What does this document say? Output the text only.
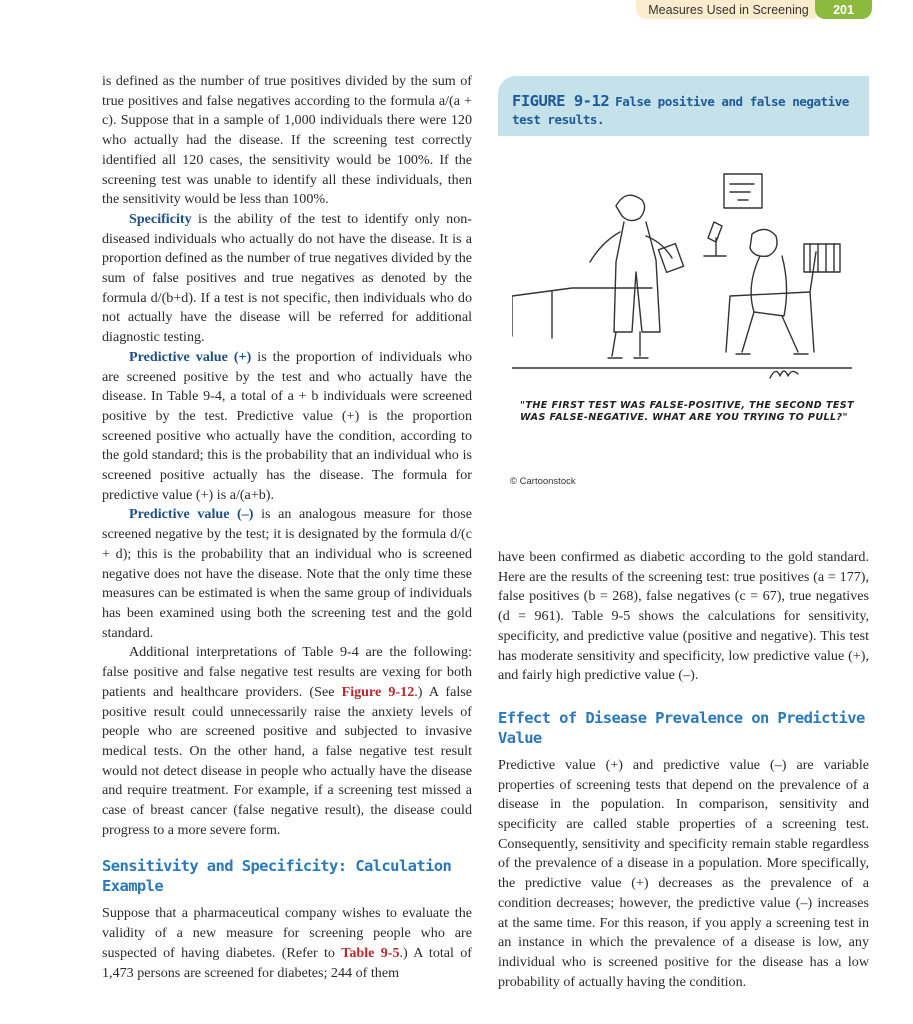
Measures Used in Screening	201

is defined as the number of true positives divided by the sum of true positives and false negatives according to the formula a/(a + c). Suppose that in a sample of 1,000 individuals there were 120 who actually had the disease. If the screening test correctly identified all 120 cases, the sensitivity would be 100%. If the screening test was unable to identify all these individuals, then the sensitivity would be less than 100%.

Specificity is the ability of the test to identify only non-diseased individuals who actually do not have the disease. It is a proportion defined as the number of true negatives divided by the sum of false positives and true negatives as denoted by the formula d/(b+d). If a test is not specific, then individuals who do not actually have the disease will be referred for additional diagnostic testing.

Predictive value (+) is the proportion of individuals who are screened positive by the test and who actually have the disease. In Table 9-4, a total of a + b individuals were screened positive by the test. Predictive value (+) is the proportion screened positive who actually have the condition, according to the gold standard; this is the probability that an individual who is screened positive actually has the disease. The formula for predictive value (+) is a/(a+b).

Predictive value (–) is an analogous measure for those screened negative by the test; it is designated by the formula d/(c + d); this is the probability that an individual who is screened negative does not have the disease. Note that the only time these measures can be estimated is when the same group of individuals has been examined using both the screening test and the gold standard.

Additional interpretations of Table 9-4 are the following: false positive and false negative test results are vexing for both patients and healthcare providers. (See Figure 9-12.) A false positive result could unnecessarily raise the anxiety levels of people who are screened positive and subjected to invasive medical tests. On the other hand, a false negative test result would not detect disease in people who actually have the disease and require treatment. For example, if a screening test missed a case of breast cancer (false negative result), the disease could progress to a more severe form.

Sensitivity and Specificity: Calculation Example

Suppose that a pharmaceutical company wishes to evaluate the validity of a new measure for screening people who are suspected of having diabetes. (Refer to Table 9-5.) A total of 1,473 persons are screened for diabetes; 244 of them

FIGURE 9-12 False positive and false negative test results.
"THE FIRST TEST WAS FALSE-POSITIVE, THE SECOND TEST WAS FALSE-NEGATIVE. WHAT ARE YOU TRYING TO PULL?"
© Cartoonstock

have been confirmed as diabetic according to the gold standard. Here are the results of the screening test: true positives (a = 177), false positives (b = 268), false negatives (c = 67), true negatives (d = 961). Table 9-5 shows the calculations for sensitivity, specificity, and predictive value (positive and negative). This test has moderate sensitivity and specificity, low predictive value (+), and fairly high predictive value (–).

Effect of Disease Prevalence on Predictive Value

Predictive value (+) and predictive value (–) are variable properties of screening tests that depend on the prevalence of a disease in the population. In comparison, sensitivity and specificity are called stable properties of a screening test. Consequently, sensitivity and specificity remain stable regardless of the prevalence of a disease in a population. More specifically, the predictive value (+) decreases as the prevalence of a condition decreases; however, the predictive value (–) increases at the same time. For this reason, if you apply a screening test in an instance in which the prevalence of a disease is low, any individual who is screened positive for the disease has a low probability of actually having the condition.
